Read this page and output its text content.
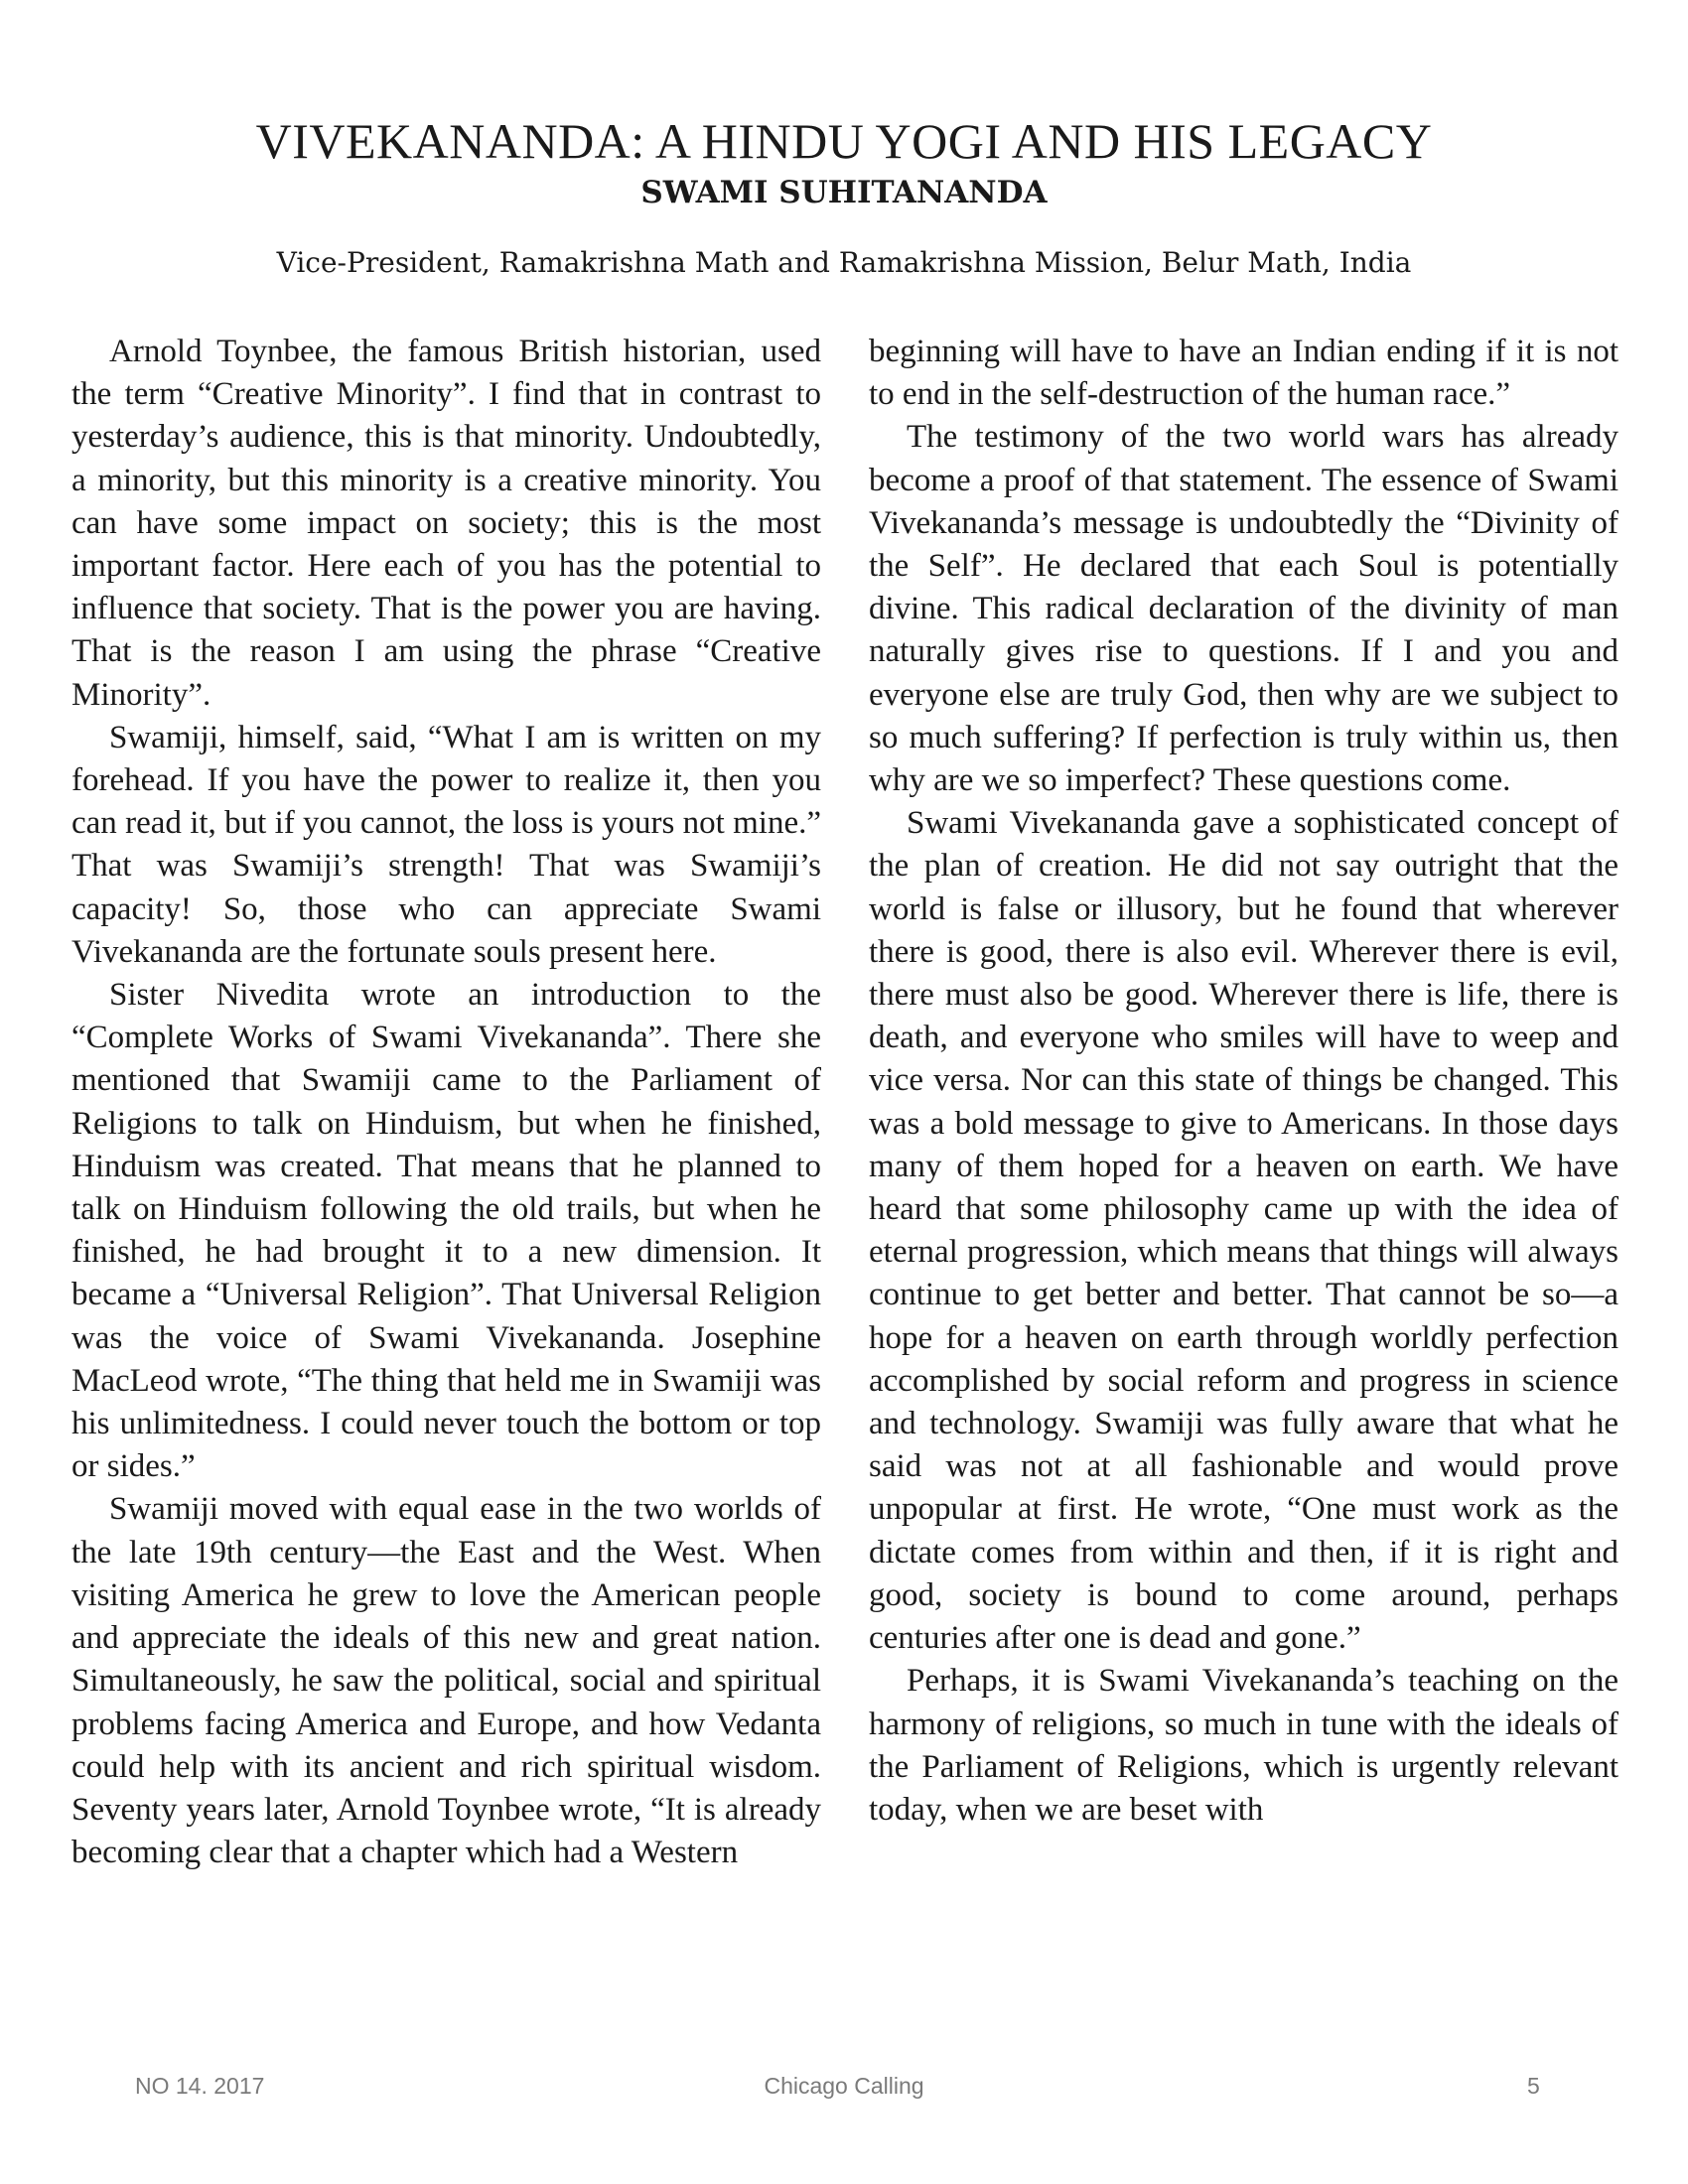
VIVEKANANDA: A HINDU YOGI AND HIS LEGACY
SWAMI SUHITANANDA
Vice-President, Ramakrishna Math and Ramakrishna Mission, Belur Math, India

Arnold Toynbee, the famous British historian, used the term “Creative Minority”. I find that in contrast to yesterday’s audience, this is that minority. Undoubtedly, a minority, but this minority is a creative minority. You can have some impact on society; this is the most important factor. Here each of you has the potential to influence that society. That is the power you are having. That is the reason I am using the phrase “Creative Minority”.

Swamiji, himself, said, “What I am is written on my forehead. If you have the power to realize it, then you can read it, but if you cannot, the loss is yours not mine.” That was Swamiji’s strength! That was Swamiji’s capacity! So, those who can appreciate Swami Vivekananda are the fortunate souls present here.

Sister Nivedita wrote an introduction to the “Complete Works of Swami Vivekananda”. There she mentioned that Swamiji came to the Parliament of Religions to talk on Hinduism, but when he finished, Hinduism was created. That means that he planned to talk on Hinduism following the old trails, but when he finished, he had brought it to a new dimension. It became a “Universal Religion”. That Universal Religion was the voice of Swami Vivekananda. Josephine MacLeod wrote, “The thing that held me in Swamiji was his unlimitedness. I could never touch the bottom or top or sides.”

Swamiji moved with equal ease in the two worlds of the late 19th century—the East and the West. When visiting America he grew to love the American people and appreciate the ideals of this new and great nation. Simultaneously, he saw the political, social and spiritual problems facing America and Europe, and how Vedanta could help with its ancient and rich spiritual wisdom. Seventy years later, Arnold Toynbee wrote, “It is already becoming clear that a chapter which had a Western

beginning will have to have an Indian ending if it is not to end in the self-destruction of the human race.”

The testimony of the two world wars has already become a proof of that statement. The essence of Swami Vivekananda’s message is undoubtedly the “Divinity of the Self”. He declared that each Soul is potentially divine. This radical declaration of the divinity of man naturally gives rise to questions. If I and you and everyone else are truly God, then why are we subject to so much suffering? If perfection is truly within us, then why are we so imperfect? These questions come.

Swami Vivekananda gave a sophisticated concept of the plan of creation. He did not say outright that the world is false or illusory, but he found that wherever there is good, there is also evil. Wherever there is evil, there must also be good. Wherever there is life, there is death, and everyone who smiles will have to weep and vice versa. Nor can this state of things be changed. This was a bold message to give to Americans. In those days many of them hoped for a heaven on earth. We have heard that some philosophy came up with the idea of eternal progression, which means that things will always continue to get better and better. That cannot be so—a hope for a heaven on earth through worldly perfection accomplished by social reform and progress in science and technology. Swamiji was fully aware that what he said was not at all fashionable and would prove unpopular at first. He wrote, “One must work as the dictate comes from within and then, if it is right and good, society is bound to come around, perhaps centuries after one is dead and gone.”

Perhaps, it is Swami Vivekananda’s teaching on the harmony of religions, so much in tune with the ideals of the Parliament of Religions, which is urgently relevant today, when we are beset with

NO 14. 2017	Chicago Calling	5
